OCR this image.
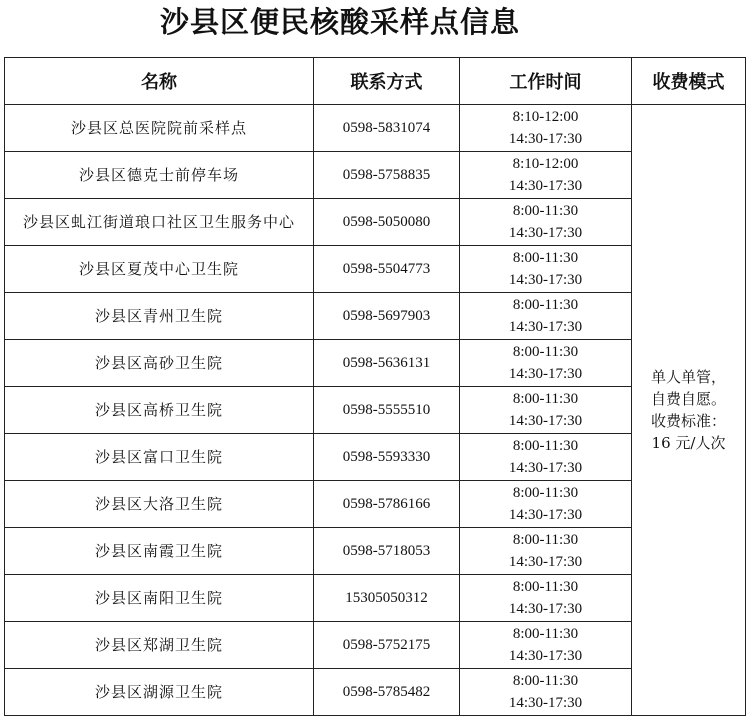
沙县区便民核酸采样点信息
名称	联系方式	工作时间	收费模式
沙县区总医院院前采样点	0598-5831074	8:10-12:00
14:30-17:30	单人单管，
自费自愿。
收费标准：
16 元/人次

沙县区德克士前停车场	0598-5758835	8:10-12:00
14:30-17:30	

沙县区虬江街道琅口社区卫生服务中心	0598-5050080	8:00-11:30
14:30-17:30	

沙县区夏茂中心卫生院	0598-5504773	8:00-11:30
14:30-17:30	

沙县区青州卫生院	0598-5697903	8:00-11:30
14:30-17:30	

沙县区高砂卫生院	0598-5636131	8:00-11:30
14:30-17:30	

沙县区高桥卫生院	0598-5555510	8:00-11:30
14:30-17:30	

沙县区富口卫生院	0598-5593330	8:00-11:30
14:30-17:30	

沙县区大洛卫生院	0598-5786166	8:00-11:30
14:30-17:30	

沙县区南霞卫生院	0598-5718053	8:00-11:30
14:30-17:30	

沙县区南阳卫生院	15305050312	8:00-11:30
14:30-17:30	

沙县区郑湖卫生院	0598-5752175	8:00-11:30
14:30-17:30	

沙县区湖源卫生院	0598-5785482	8:00-11:30
14:30-17:30	
